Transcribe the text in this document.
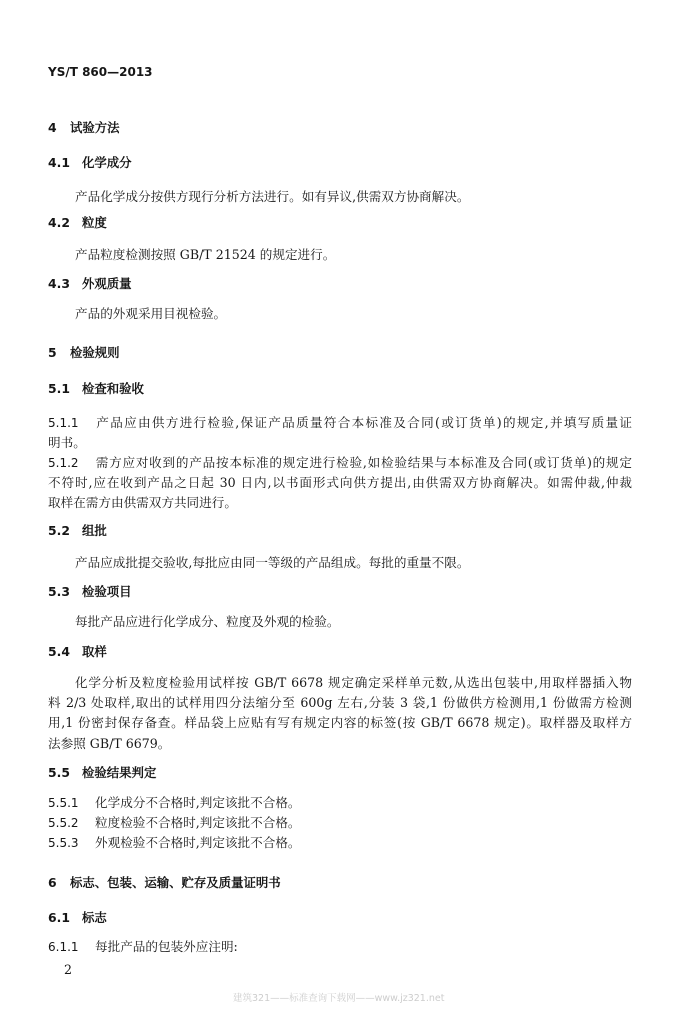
YS/T 860—2013
4 试验方法
4.1 化学成分
产品化学成分按供方现行分析方法进行。如有异议,供需双方协商解决。
4.2 粒度
产品粒度检测按照 GB/T 21524 的规定进行。
4.3 外观质量
产品的外观采用目视检验。
5 检验规则
5.1 检查和验收
5.1.1 产品应由供方进行检验,保证产品质量符合本标准及合同(或订货单)的规定,并填写质量证
明书。
5.1.2 需方应对收到的产品按本标准的规定进行检验,如检验结果与本标准及合同(或订货单)的规定
不符时,应在收到产品之日起 30 日内,以书面形式向供方提出,由供需双方协商解决。如需仲裁,仲裁
取样在需方由供需双方共同进行。
5.2 组批
产品应成批提交验收,每批应由同一等级的产品组成。每批的重量不限。
5.3 检验项目
每批产品应进行化学成分、粒度及外观的检验。
5.4 取样
化学分析及粒度检验用试样按 GB/T 6678 规定确定采样单元数,从选出包装中,用取样器插入物
料 2/3 处取样,取出的试样用四分法缩分至 600g 左右,分装 3 袋,1 份做供方检测用,1 份做需方检测
用,1 份密封保存备查。样品袋上应贴有写有规定内容的标签(按 GB/T 6678 规定)。取样器及取样方
法参照 GB/T 6679。
5.5 检验结果判定
5.5.1 化学成分不合格时,判定该批不合格。
5.5.2 粒度检验不合格时,判定该批不合格。
5.5.3 外观检验不合格时,判定该批不合格。
6 标志、包装、运输、贮存及质量证明书
6.1 标志
6.1.1 每批产品的包装外应注明:
2
建筑321——标准查询下载网——www.jz321.net
